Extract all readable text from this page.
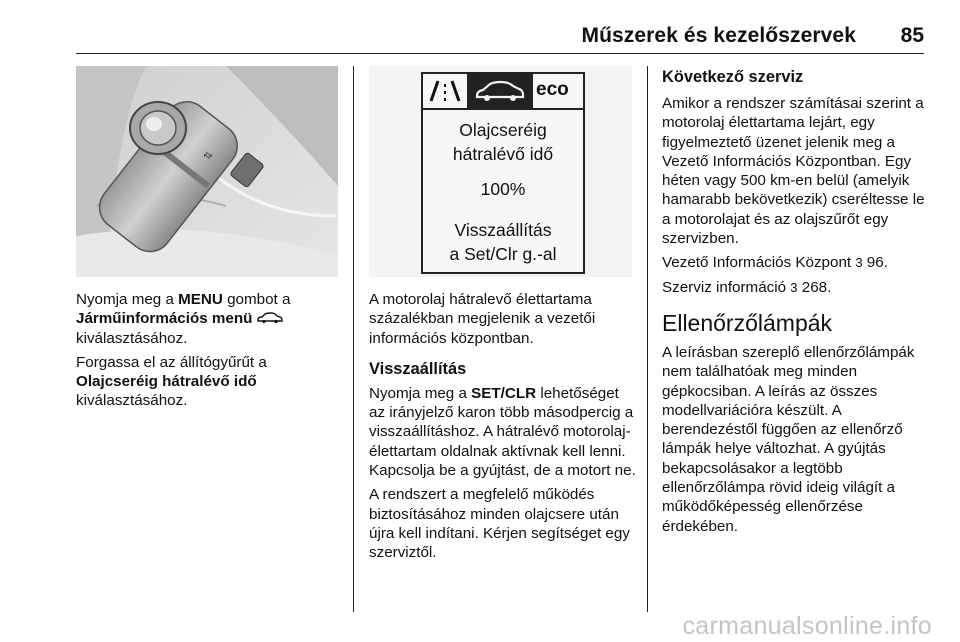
Műszerek és kezelőszervek 85
⇅

Nyomja meg a MENU gombot a
Járműinformációs menü
kiválasztásához.

Forgassa el az állítógyűrűt a
Olajcseréig hátralévő idő
kiválasztásához.

eco
Olajcseréig
hátralévő idő
100%
Visszaállítás
a Set/Clr g.-al

A motorolaj hátralevő élettartama százalékban megjelenik a vezetői információs központban.

Visszaállítás

Nyomja meg a SET/CLR lehetőséget az irányjelző karon több másodpercig a visszaállításhoz. A hátralévő motorolaj-élettartam oldalnak aktívnak kell lenni. Kapcsolja be a gyújtást, de a motort ne.

A rendszert a megfelelő működés biztosításához minden olajcsere után újra kell indítani. Kérjen segítséget egy szerviztől.

Következő szerviz

Amikor a rendszer számításai szerint a motorolaj élettartama lejárt, egy figyelmeztető üzenet jelenik meg a Vezető Információs Központban. Egy héten vagy 500 km-en belül (amelyik hamarabb bekövetkezik) cseréltesse le a motorolajat és az olajszűrőt egy szervizben.

Vezető Információs Központ 3 96.

Szerviz információ 3 268.

Ellenőrzőlámpák

A leírásban szereplő ellenőrzőlámpák nem találhatóak meg minden gépkocsiban. A leírás az összes modellvariációra készült. A berendezéstől függően az ellenőrző lámpák helye változhat. A gyújtás bekapcsolásakor a legtöbb ellenőrzőlámpa rövid ideig világít a működőképesség ellenőrzése érdekében.

carmanualsonline.info
